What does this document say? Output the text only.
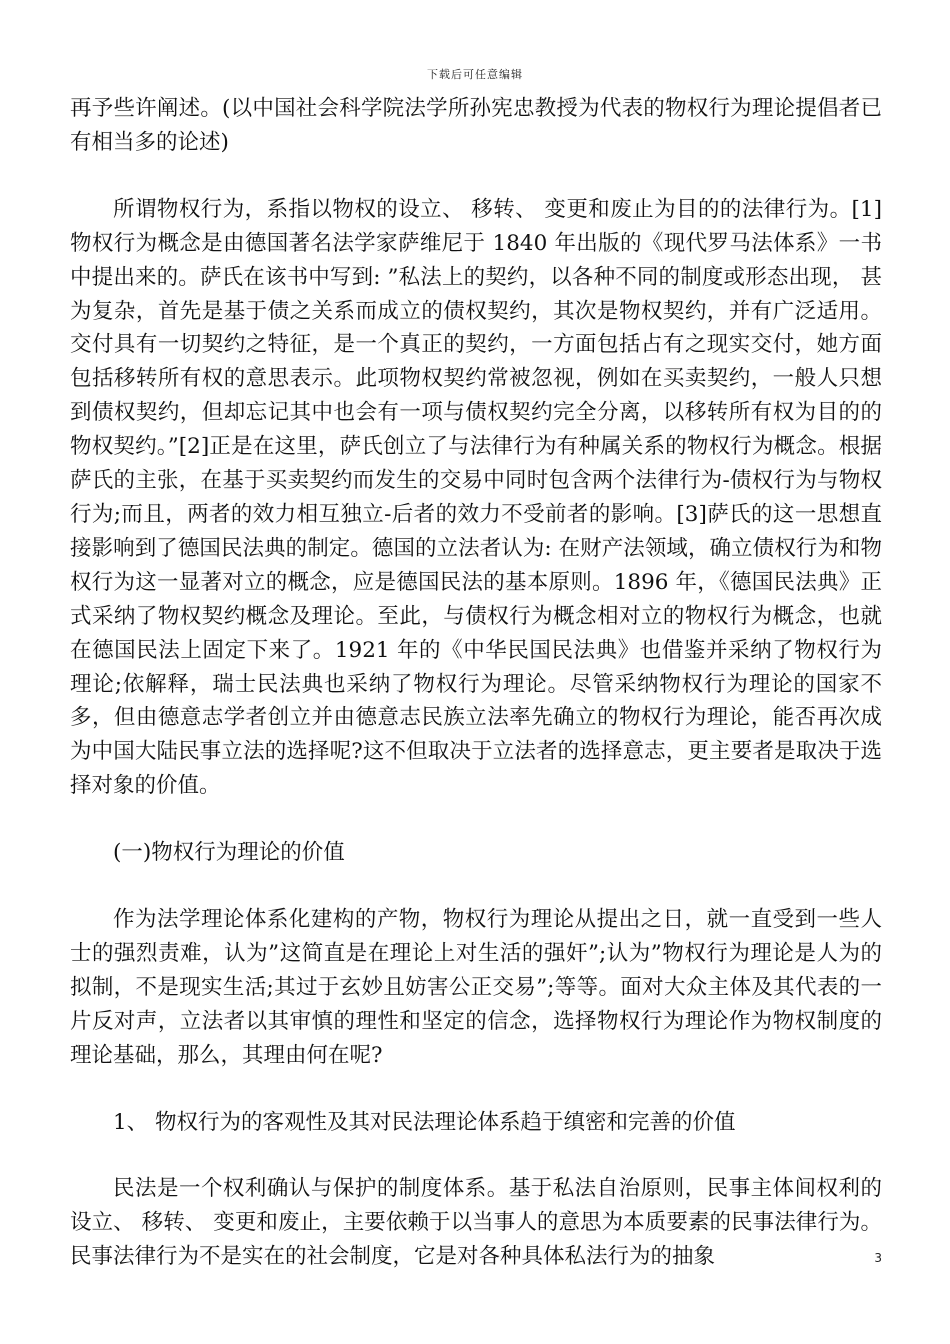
下载后可任意编辑

再予些许阐述。(以中国社会科学院法学所孙宪忠教授为代表的物权行为理论提倡者已有相当多的论述)

所谓物权行为，系指以物权的设立、 移转、 变更和废止为目的的法律行为。[1]物权行为概念是由德国著名法学家萨维尼于 1840 年出版的《现代罗马法体系》一书中提出来的。萨氏在该书中写到: ”私法上的契约，以各种不同的制度或形态出现， 甚为复杂，首先是基于债之关系而成立的债权契约，其次是物权契约，并有广泛适用。交付具有一切契约之特征，是一个真正的契约，一方面包括占有之现实交付，她方面包括移转所有权的意思表示。此项物权契约常被忽视，例如在买卖契约，一般人只想到债权契约，但却忘记其中也会有一项与债权契约完全分离，以移转所有权为目的的物权契约。”[2]正是在这里，萨氏创立了与法律行为有种属关系的物权行为概念。根据萨氏的主张，在基于买卖契约而发生的交易中同时包含两个法律行为-债权行为与物权行为;而且，两者的效力相互独立-后者的效力不受前者的影响。[3]萨氏的这一思想直接影响到了德国民法典的制定。德国的立法者认为: 在财产法领域，确立债权行为和物权行为这一显著对立的概念，应是德国民法的基本原则。1896 年，《德国民法典》正式采纳了物权契约概念及理论。至此，与债权行为概念相对立的物权行为概念，也就在德国民法上固定下来了。1921 年的《中华民国民法典》也借鉴并采纳了物权行为理论;依解释，瑞士民法典也采纳了物权行为理论。尽管采纳物权行为理论的国家不多，但由德意志学者创立并由德意志民族立法率先确立的物权行为理论，能否再次成为中国大陆民事立法的选择呢?这不但取决于立法者的选择意志，更主要者是取决于选择对象的价值。

(一)物权行为理论的价值

作为法学理论体系化建构的产物，物权行为理论从提出之日，就一直受到一些人士的强烈责难，认为”这简直是在理论上对生活的强奸”;认为”物权行为理论是人为的拟制，不是现实生活;其过于玄妙且妨害公正交易”;等等。面对大众主体及其代表的一片反对声，立法者以其审慎的理性和坚定的信念，选择物权行为理论作为物权制度的理论基础，那么，其理由何在呢?

1、 物权行为的客观性及其对民法理论体系趋于缜密和完善的价值

民法是一个权利确认与保护的制度体系。基于私法自治原则，民事主体间权利的设立、 移转、 变更和废止，主要依赖于以当事人的意思为本质要素的民事法律行为。民事法律行为不是实在的社会制度，它是对各种具体私法行为的抽象	3
